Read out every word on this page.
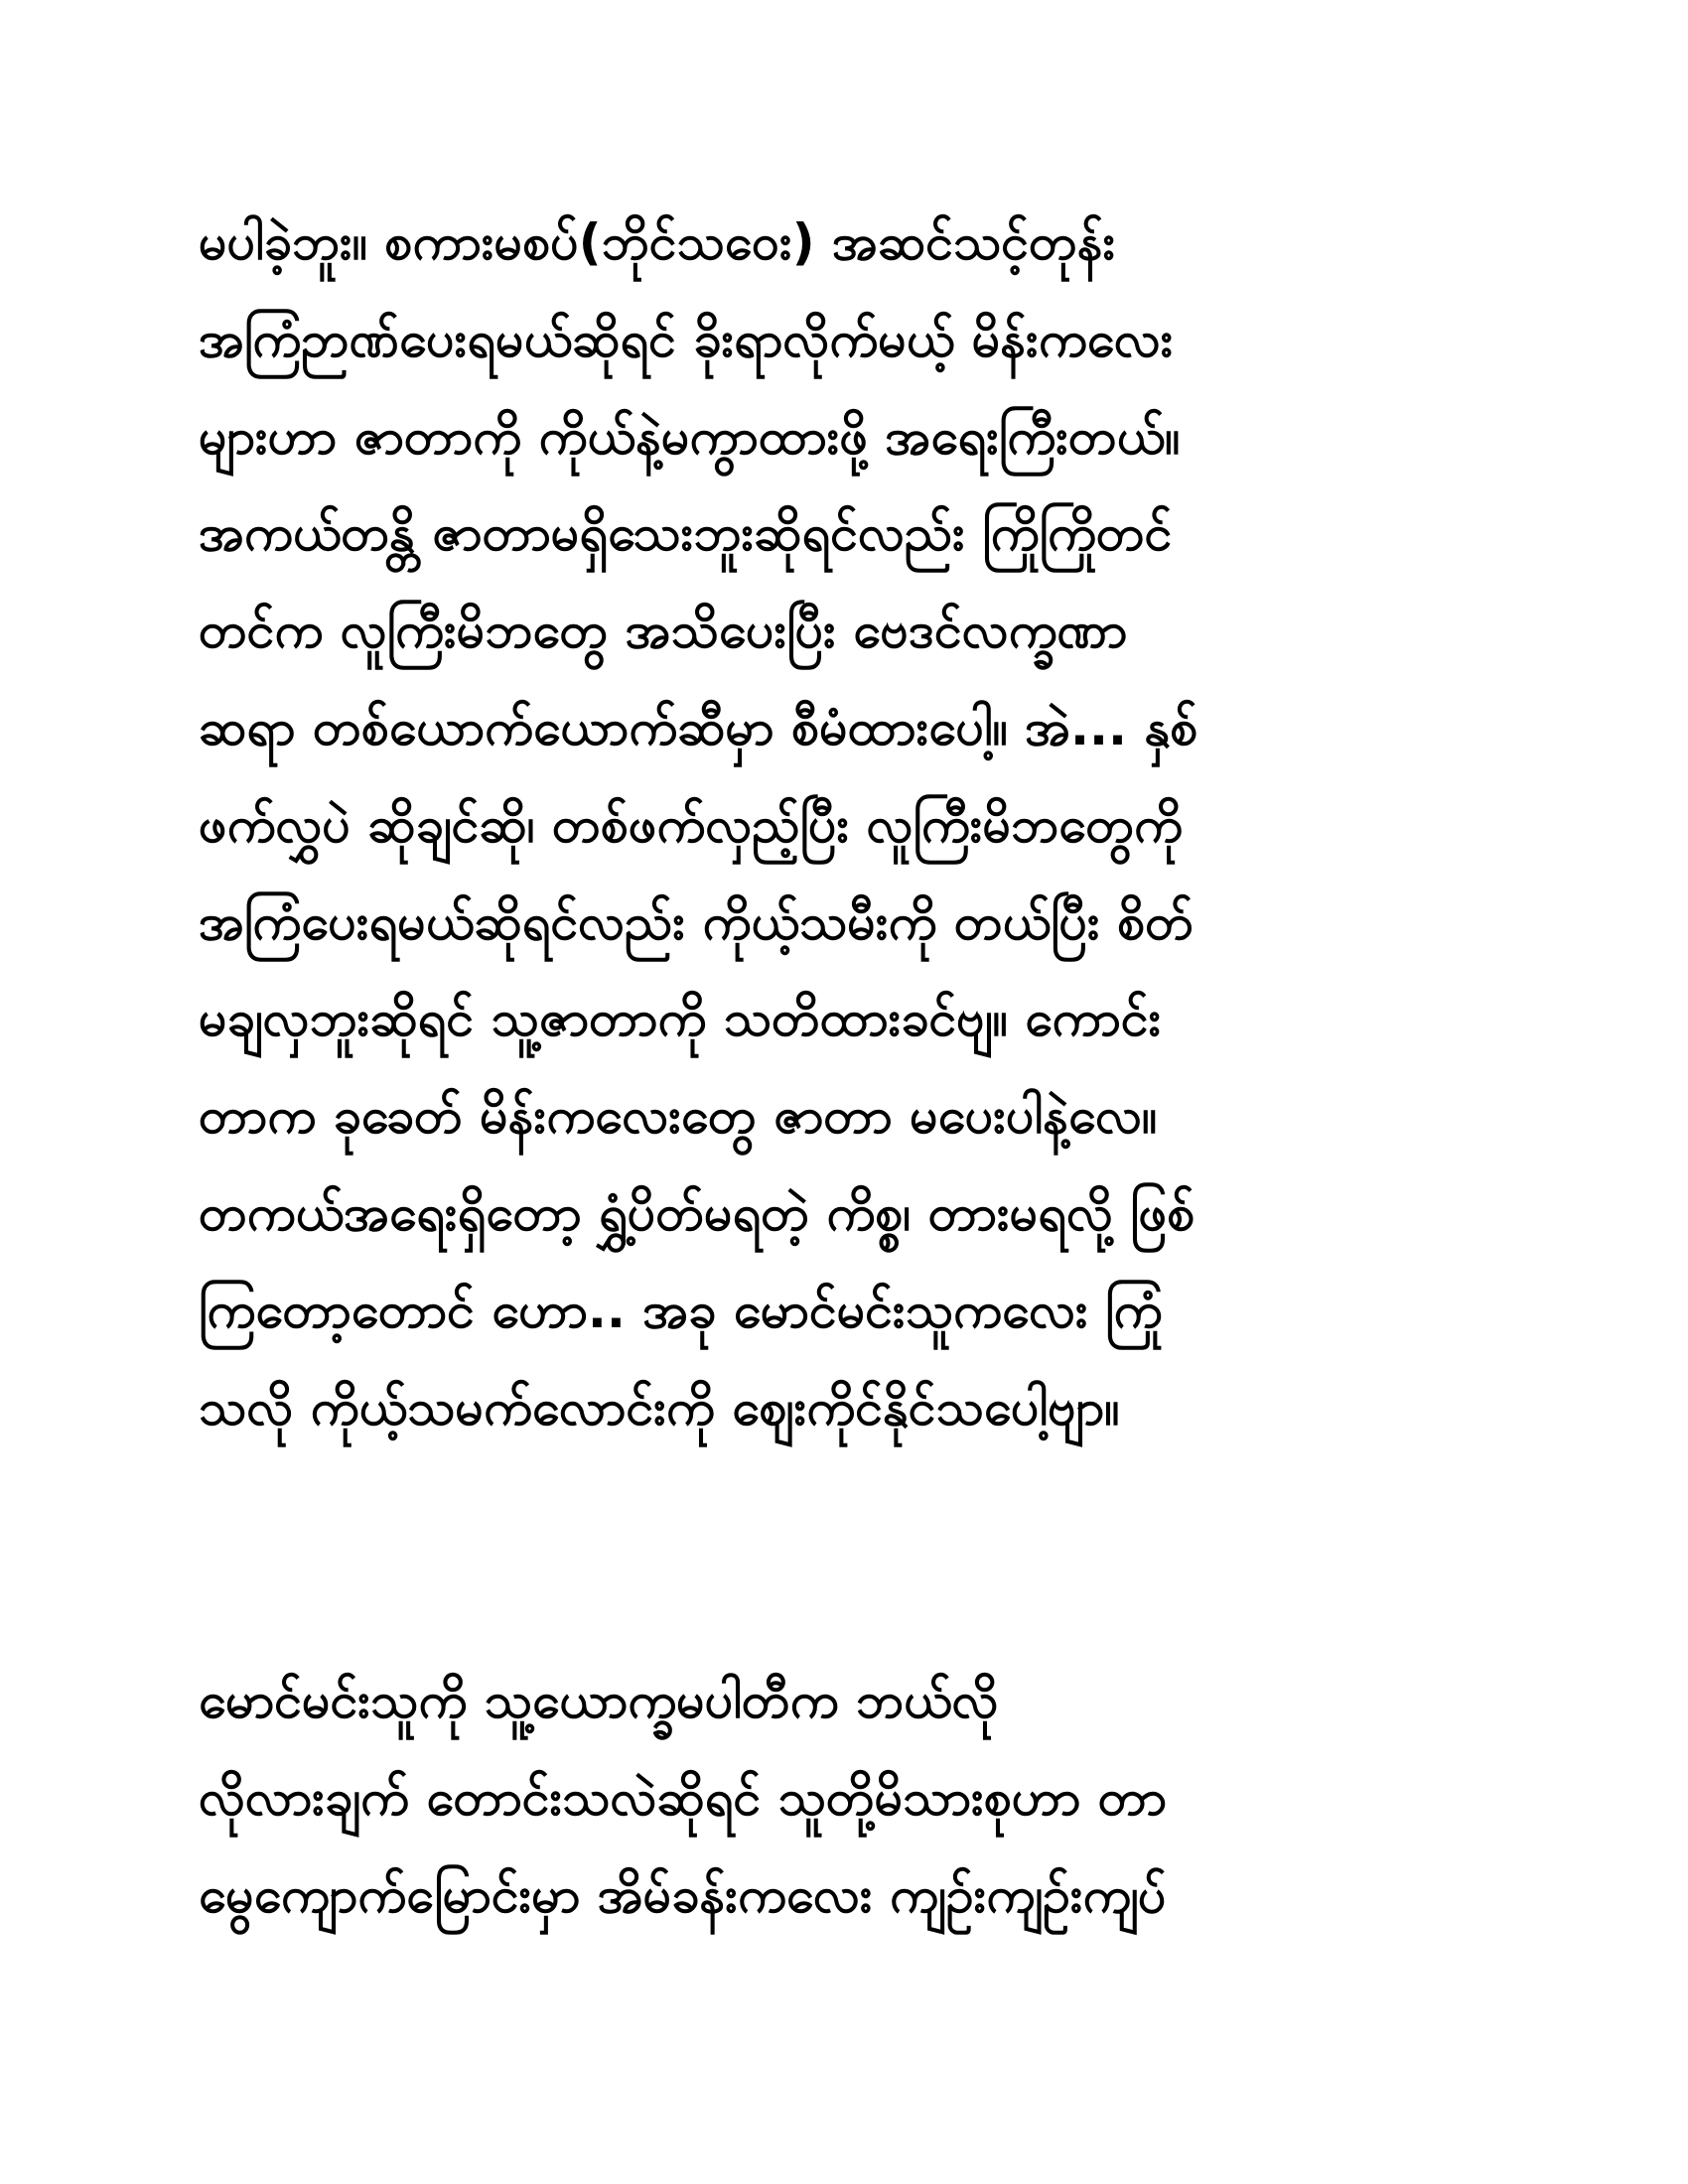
မပါခဲ့ဘူး။ စကားမစပ်(ဘိုင်သဝေး) အဆင်သင့်တုန်း
အကြံဉာဏ်ပေးရမယ်ဆိုရင် ခိုးရာလိုက်မယ့် မိန်းကလေး
များဟာ ဇာတာကို ကိုယ်နဲ့မကွာထားဖို့ အရေးကြီးတယ်။
အကယ်တန္တိ ဇာတာမရှိသေးဘူးဆိုရင်လည်း ကြိုကြိုတင်
တင်က လူကြီးမိဘတွေ အသိပေးပြီး ဗေဒင်လက္ခဏာ
ဆရာ တစ်ယောက်ယောက်ဆီမှာ စီမံထားပေါ့။ အဲ... နှစ်
ဖက်လွှပဲ ဆိုချင်ဆို၊ တစ်ဖက်လှည့်ပြီး လူကြီးမိဘတွေကို
အကြံပေးရမယ်ဆိုရင်လည်း ကိုယ့်သမီးကို တယ်ပြီး စိတ်
မချလှဘူးဆိုရင် သူ့ဇာတာကို သတိထားခင်ဗျ။ ကောင်း
တာက ခုခေတ် မိန်းကလေးတွေ ဇာတာ မပေးပါနဲ့လေ။
တကယ်အရေးရှိတော့ ရွှံ့ပိတ်မရတဲ့ ကိစ္စ၊ တားမရလို့ ဖြစ်
ကြတော့တောင် ဟော.. အခု မောင်မင်းသူကလေး ကြုံ
သလို ကိုယ့်သမက်လောင်းကို ဈေးကိုင်နိုင်သပေါ့ဗျာ။
မောင်မင်းသူကို သူ့ယောက္ခမပါတီက ဘယ်လို
လိုလားချက် တောင်းသလဲဆိုရင် သူတို့မိသားစုဟာ တာ
မွေကျောက်မြောင်းမှာ အိမ်ခန်းကလေး ကျဉ်းကျဉ်းကျပ်
